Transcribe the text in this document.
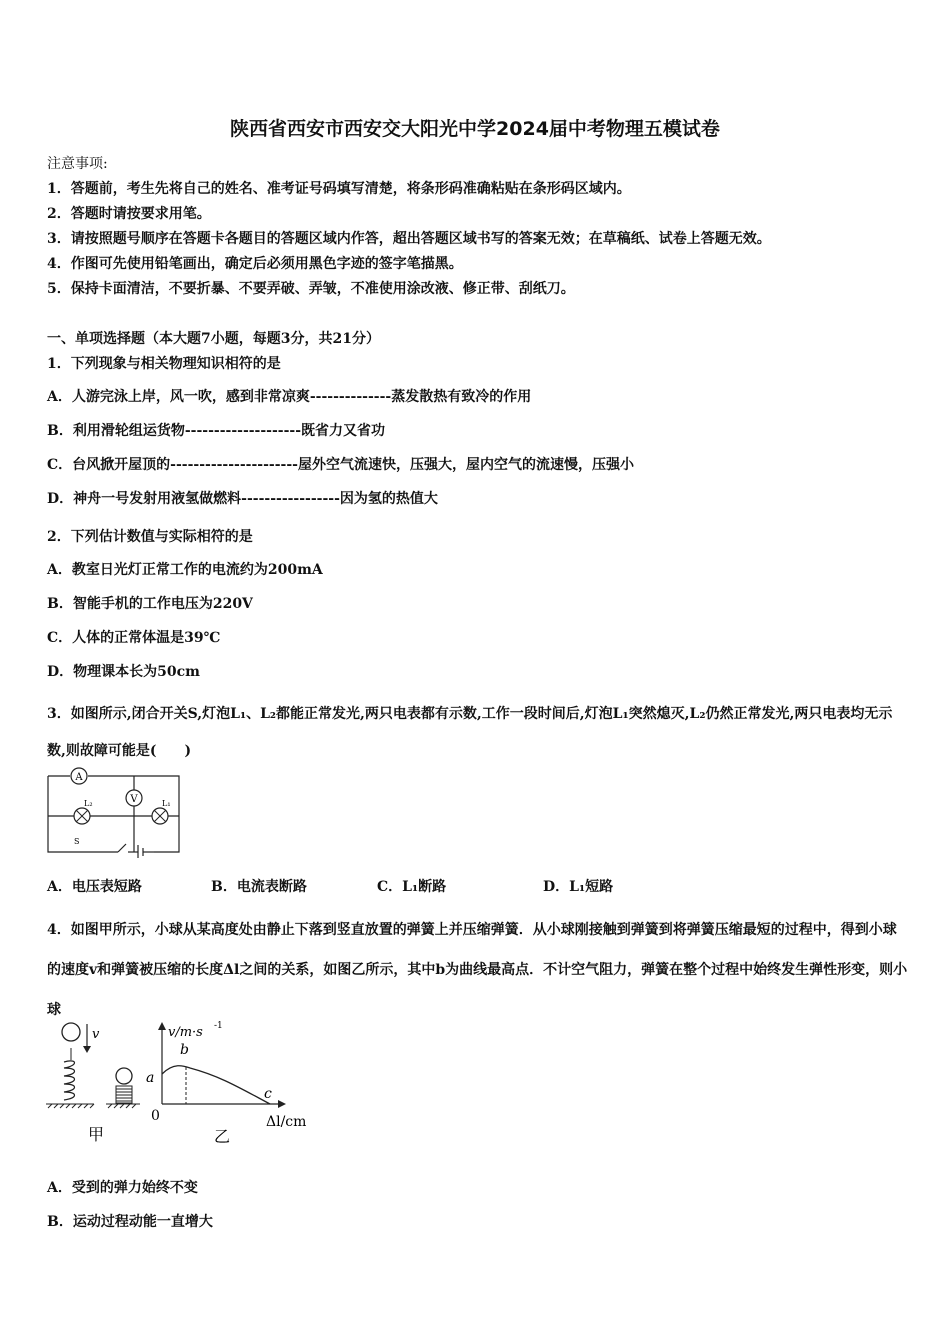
陕西省西安市西安交大阳光中学2024届中考物理五模试卷
注意事项:
1．答题前，考生先将自己的姓名、准考证号码填写清楚，将条形码准确粘贴在条形码区域内。
2．答题时请按要求用笔。
3．请按照题号顺序在答题卡各题目的答题区域内作答，超出答题区域书写的答案无效；在草稿纸、试卷上答题无效。
4．作图可先使用铅笔画出，确定后必须用黑色字迹的签字笔描黑。
5．保持卡面清洁，不要折暴、不要弄破、弄皱，不准使用涂改液、修正带、刮纸刀。
一、单项选择题（本大题7小题，每题3分，共21分）
1．下列现象与相关物理知识相符的是
A．人游完泳上岸，风一吹，感到非常凉爽--------------蒸发散热有致冷的作用
B．利用滑轮组运货物--------------------既省力又省功
C．台风掀开屋顶的----------------------屋外空气流速快，压强大，屋内空气的流速慢，压强小
D．神舟一号发射用液氢做燃料-----------------因为氢的热值大
2．下列估计数值与实际相符的是
A．教室日光灯正常工作的电流约为200mA
B．智能手机的工作电压为220V
C．人体的正常体温是39℃
D．物理课本长为50cm
3．如图所示,闭合开关S,灯泡L₁、L₂都能正常发光,两只电表都有示数,工作一段时间后,灯泡L₁突然熄灭,L₂仍然正常发光,两只电表均无示数,则故障可能是(　　)
A
V
L₂	L₁
S
A．电压表短路	B．电流表断路	C．L₁断路	D．L₁短路
4．如图甲所示，小球从某高度处由静止下落到竖直放置的弹簧上并压缩弹簧．从小球刚接触到弹簧到将弹簧压缩最短的过程中，得到小球的速度v和弹簧被压缩的长度Δl之间的关系，如图乙所示，其中b为曲线最高点．不计空气阻力，弹簧在整个过程中始终发生弹性形变，则小球
v
甲
v/m·s -1
b
a
c
0	Δl/cm
乙
A．受到的弹力始终不变
B．运动过程动能一直增大
